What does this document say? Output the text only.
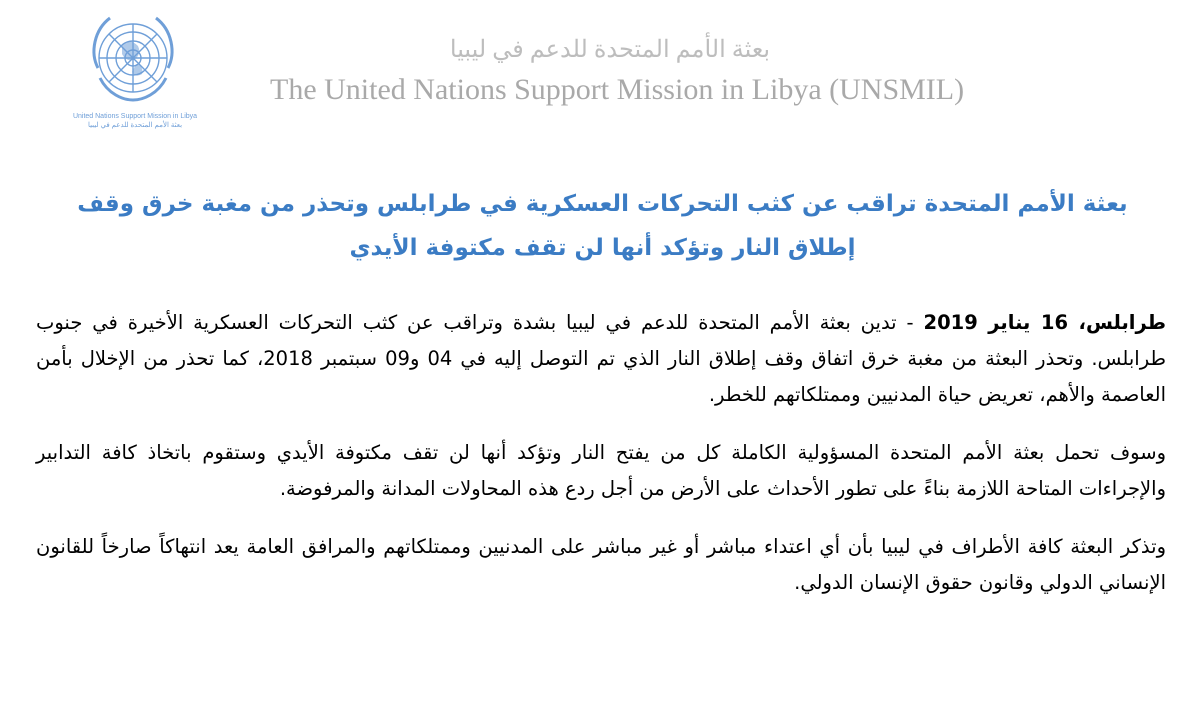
United Nations Support Mission in Libya
بعثة الأمم المتحدة للدعم في ليبيا
بعثة الأمم المتحدة للدعم في ليبيا
The United Nations Support Mission in Libya (UNSMIL)
بعثة الأمم المتحدة تراقب عن كثب التحركات العسكرية في طرابلس وتحذر من مغبة خرق وقف إطلاق النار وتؤكد أنها لن تقف مكتوفة الأيدي

طرابلس، 16 يناير 2019 - تدين بعثة الأمم المتحدة للدعم في ليبيا بشدة وتراقب عن كثب التحركات العسكرية الأخيرة في جنوب طرابلس. وتحذر البعثة من مغبة خرق اتفاق وقف إطلاق النار الذي تم التوصل إليه في 04 و09 سبتمبر 2018، كما تحذر من الإخلال بأمن العاصمة والأهم، تعريض حياة المدنيين وممتلكاتهم للخطر.

وسوف تحمل بعثة الأمم المتحدة المسؤولية الكاملة كل من يفتح النار وتؤكد أنها لن تقف مكتوفة الأيدي وستقوم باتخاذ كافة التدابير والإجراءات المتاحة اللازمة بناءً على تطور الأحداث على الأرض من أجل ردع هذه المحاولات المدانة والمرفوضة.

وتذكر البعثة كافة الأطراف في ليبيا بأن أي اعتداء مباشر أو غير مباشر على المدنيين وممتلكاتهم والمرافق العامة يعد انتهاكاً صارخاً للقانون الإنساني الدولي وقانون حقوق الإنسان الدولي.
